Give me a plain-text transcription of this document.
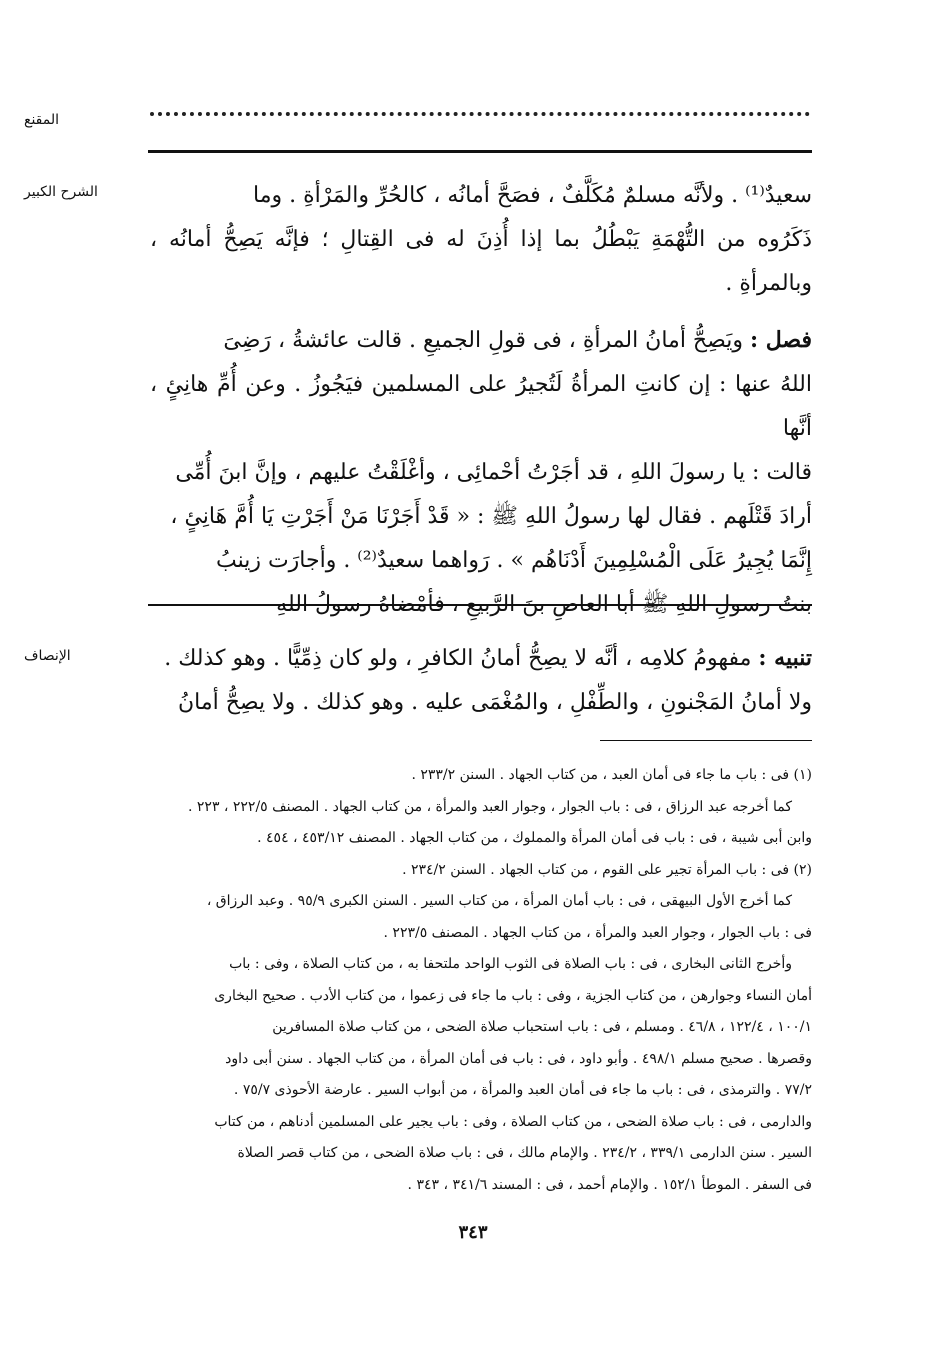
المقنع
الشرح الكبير	سعيدٌ⁽¹⁾ . ولأنَّه مسلمٌ مُكَلَّفٌ ، فصَحَّ أمانُه ، كالحُرِّ والمَرْأةِ . وما

ذَكَرُوه من التُّهْمَةِ يَبْطُلُ بما إذا أُذِنَ له فى القِتالِ ؛ فإنَّه يَصِحُّ أمانُه ، وبالمرأةِ .

فصل : ويَصِحُّ أمانُ المرأةِ ، فى قولِ الجميعِ . قالت عائشةُ ، رَضِىَ

اللهُ عنها : إن كانتِ المرأةُ لَتُجيرُ على المسلمين فيَجُوزُ . وعن أُمِّ هانِئٍ ، أنَّها

قالت : يا رسولَ اللهِ ، قد أجَرْتُ أحْمائِى ، وأغْلَقْتُ عليهم ، وإنَّ ابنَ أُمِّى

أرادَ قَتْلَهم . فقال لها رسولُ اللهِ ﷺ : « قَدْ أَجَرْنَا مَنْ أَجَرْتِ يَا أُمَّ هَانِئٍ ،

إِنَّمَا يُجِيرُ عَلَى الْمُسْلِمِينَ أَدْنَاهُم » . رَواهما سعيدٌ⁽²⁾ . وأجارَت زينبُ

بنتُ رسولِ اللهِ ﷺ أبا العاصِ بنَ الرَّبيعِ ، فأمْضاهُ رسولُ اللهِ

الإنصاف	تنبيه : مفهومُ كلامِه ، أنَّه لا يصِحُّ أمانُ الكافرِ ، ولو كان ذِمِّيًّا . وهو كذلك .

ولا أمانُ المَجْنونِ ، والطِّفْلِ ، والمُغْمَى عليه . وهو كذلك . ولا يصِحُّ أمانُ

(١) فى : باب ما جاء فى أمان العبد ، من كتاب الجهاد . السنن ٢٣٣/٢ .

كما أخرجه عبد الرزاق ، فى : باب الجوار ، وجوار العبد والمرأة ، من كتاب الجهاد . المصنف ٢٢٢/٥ ، ٢٢٣ .

وابن أبى شيبة ، فى : باب فى أمان المرأة والمملوك ، من كتاب الجهاد . المصنف ٤٥٣/١٢ ، ٤٥٤ .

(٢) فى : باب المرأة تجير على القوم ، من كتاب الجهاد . السنن ٢٣٤/٢ .

كما أخرج الأول البيهقى ، فى : باب أمان المرأة ، من كتاب السير . السنن الكبرى ٩٥/٩ . وعبد الرزاق ،

فى : باب الجوار ، وجوار العبد والمرأة ، من كتاب الجهاد . المصنف ٢٢٣/٥ .

وأخرج الثانى البخارى ، فى : باب الصلاة فى الثوب الواحد ملتحفا به ، من كتاب الصلاة ، وفى : باب

أمان النساء وجوارهن ، من كتاب الجزية ، وفى : باب ما جاء فى زعموا ، من كتاب الأدب . صحيح البخارى

١٠٠/١ ، ١٢٢/٤ ، ٤٦/٨ . ومسلم ، فى : باب استحباب صلاة الضحى ، من كتاب صلاة المسافرين

وقصرها . صحيح مسلم ٤٩٨/١ . وأبو داود ، فى : باب فى أمان المرأة ، من كتاب الجهاد . سنن أبى داود

٧٧/٢ . والترمذى ، فى : باب ما جاء فى أمان العبد والمرأة ، من أبواب السير . عارضة الأحوذى ٧٥/٧ .

والدارمى ، فى : باب صلاة الضحى ، من كتاب الصلاة ، وفى : باب يجير على المسلمين أدناهم ، من كتاب

السير . سنن الدارمى ٣٣٩/١ ، ٢٣٤/٢ . والإمام مالك ، فى : باب صلاة الضحى ، من كتاب قصر الصلاة

فى السفر . الموطأ ١٥٢/١ . والإمام أحمد ، فى : المسند ٣٤١/٦ ، ٣٤٣ .

٣٤٣
